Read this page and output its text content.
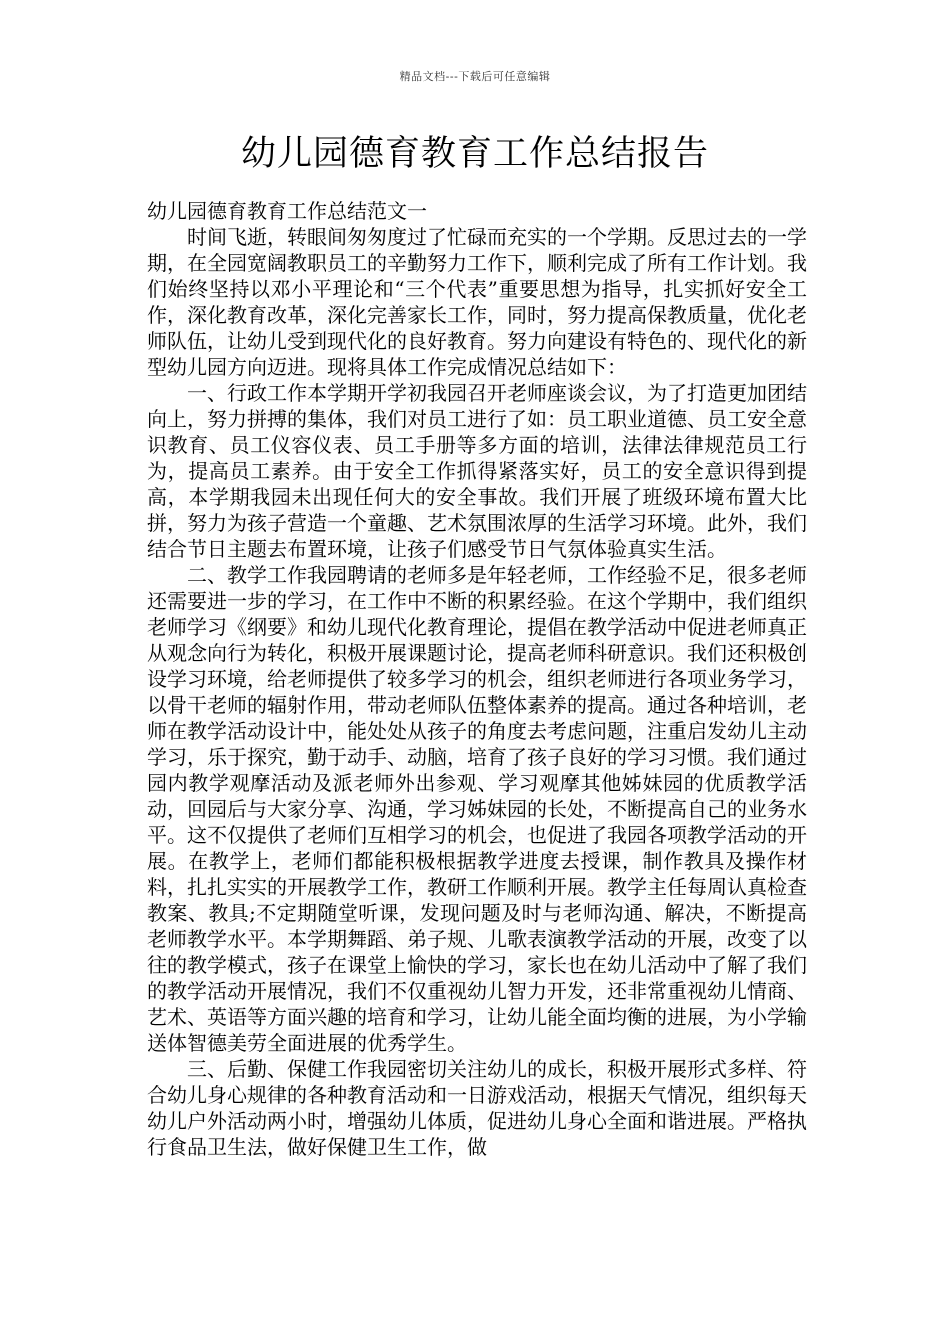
精品文档---下载后可任意编辑
幼儿园德育教育工作总结报告

幼儿园德育教育工作总结范文一

时间飞逝，转眼间匆匆度过了忙碌而充实的一个学期。反思过去的一学期，在全园宽阔教职员工的辛勤努力工作下，顺利完成了所有工作计划。我们始终坚持以邓小平理论和“三个代表”重要思想为指导，扎实抓好安全工作，深化教育改革，深化完善家长工作，同时，努力提高保教质量，优化老师队伍，让幼儿受到现代化的良好教育。努力向建设有特色的、现代化的新型幼儿园方向迈进。现将具体工作完成情况总结如下：

一、行政工作本学期开学初我园召开老师座谈会议，为了打造更加团结向上，努力拼搏的集体，我们对员工进行了如：员工职业道德、员工安全意识教育、员工仪容仪表、员工手册等多方面的培训，法律法律规范员工行为，提高员工素养。由于安全工作抓得紧落实好，员工的安全意识得到提高，本学期我园未出现任何大的安全事故。我们开展了班级环境布置大比拼，努力为孩子营造一个童趣、艺术氛围浓厚的生活学习环境。此外，我们结合节日主题去布置环境，让孩子们感受节日气氛体验真实生活。

二、教学工作我园聘请的老师多是年轻老师，工作经验不足，很多老师还需要进一步的学习，在工作中不断的积累经验。在这个学期中，我们组织老师学习《纲要》和幼儿现代化教育理论，提倡在教学活动中促进老师真正从观念向行为转化，积极开展课题讨论，提高老师科研意识。我们还积极创设学习环境，给老师提供了较多学习的机会，组织老师进行各项业务学习，以骨干老师的辐射作用，带动老师队伍整体素养的提高。通过各种培训，老师在教学活动设计中，能处处从孩子的角度去考虑问题，注重启发幼儿主动学习，乐于探究，勤于动手、动脑，培育了孩子良好的学习习惯。我们通过园内教学观摩活动及派老师外出参观、学习观摩其他姊妹园的优质教学活动，回园后与大家分享、沟通，学习姊妹园的长处，不断提高自己的业务水平。这不仅提供了老师们互相学习的机会，也促进了我园各项教学活动的开展。在教学上，老师们都能积极根据教学进度去授课，制作教具及操作材料，扎扎实实的开展教学工作，教研工作顺利开展。教学主任每周认真检查教案、教具;不定期随堂听课，发现问题及时与老师沟通、解决，不断提高老师教学水平。本学期舞蹈、弟子规、儿歌表演教学活动的开展，改变了以往的教学模式，孩子在课堂上愉快的学习，家长也在幼儿活动中了解了我们的教学活动开展情况，我们不仅重视幼儿智力开发，还非常重视幼儿情商、艺术、英语等方面兴趣的培育和学习，让幼儿能全面均衡的进展，为小学输送体智德美劳全面进展的优秀学生。

三、后勤、保健工作我园密切关注幼儿的成长，积极开展形式多样、符合幼儿身心规律的各种教育活动和一日游戏活动，根据天气情况，组织每天幼儿户外活动两小时，增强幼儿体质，促进幼儿身心全面和谐进展。严格执行食品卫生法，做好保健卫生工作，做
